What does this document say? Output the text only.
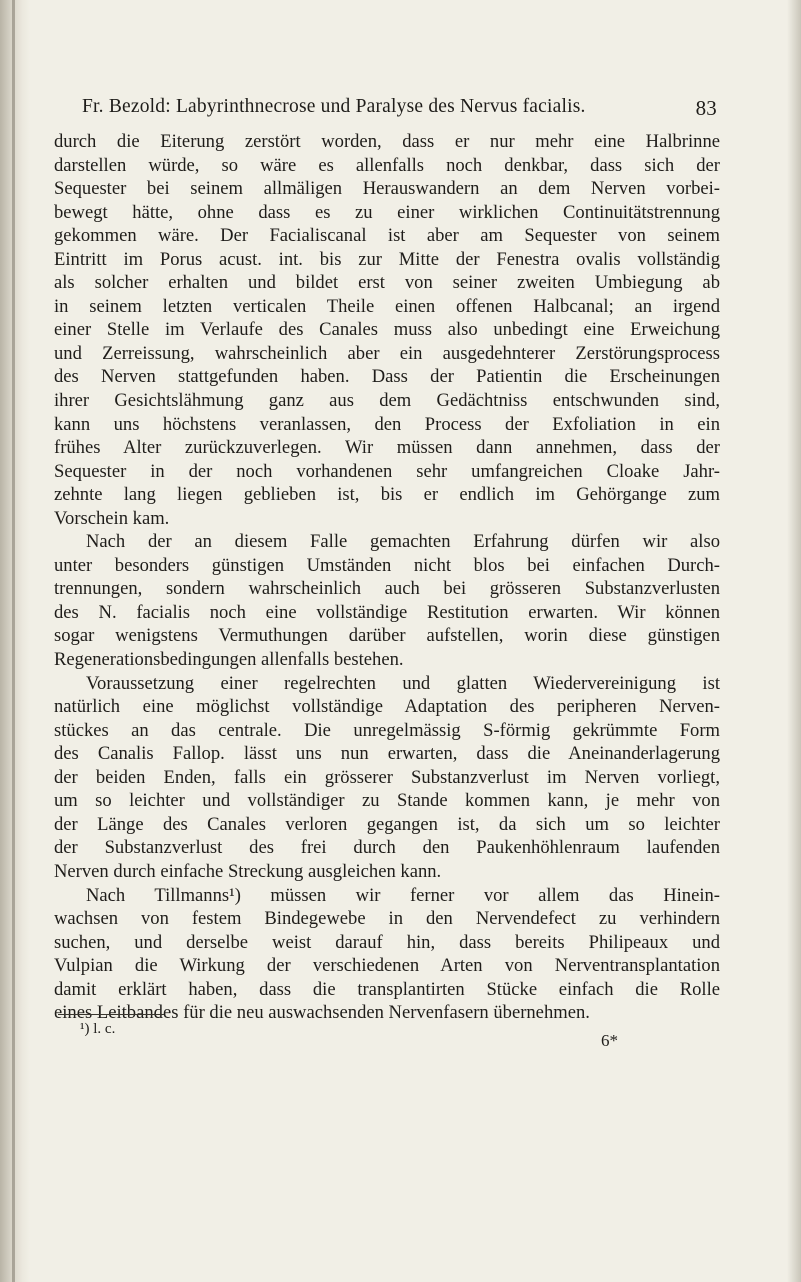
Fr. Bezold: Labyrinthnecrose und Paralyse des Nervus facialis.	83
durch die Eiterung zerstört worden, dass er nur mehr eine Halbrinne
darstellen würde, so wäre es allenfalls noch denkbar, dass sich der
Sequester bei seinem allmäligen Herauswandern an dem Nerven vorbei-
bewegt hätte, ohne dass es zu einer wirklichen Continuitätstrennung
gekommen wäre. Der Facialiscanal ist aber am Sequester von seinem
Eintritt im Porus acust. int. bis zur Mitte der Fenestra ovalis vollständig
als solcher erhalten und bildet erst von seiner zweiten Umbiegung ab
in seinem letzten verticalen Theile einen offenen Halbcanal; an irgend
einer Stelle im Verlaufe des Canales muss also unbedingt eine Erweichung
und Zerreissung, wahrscheinlich aber ein ausgedehnterer Zerstörungsprocess
des Nerven stattgefunden haben. Dass der Patientin die Erscheinungen
ihrer Gesichtslähmung ganz aus dem Gedächtniss entschwunden sind,
kann uns höchstens veranlassen, den Process der Exfoliation in ein
frühes Alter zurückzuverlegen. Wir müssen dann annehmen, dass der
Sequester in der noch vorhandenen sehr umfangreichen Cloake Jahr-
zehnte lang liegen geblieben ist, bis er endlich im Gehörgange zum
Vorschein kam.
Nach der an diesem Falle gemachten Erfahrung dürfen wir also
unter besonders günstigen Umständen nicht blos bei einfachen Durch-
trennungen, sondern wahrscheinlich auch bei grösseren Substanzverlusten
des N. facialis noch eine vollständige Restitution erwarten. Wir können
sogar wenigstens Vermuthungen darüber aufstellen, worin diese günstigen
Regenerationsbedingungen allenfalls bestehen.
Voraussetzung einer regelrechten und glatten Wiedervereinigung ist
natürlich eine möglichst vollständige Adaptation des peripheren Nerven-
stückes an das centrale. Die unregelmässig S-förmig gekrümmte Form
des Canalis Fallop. lässt uns nun erwarten, dass die Aneinanderlagerung
der beiden Enden, falls ein grösserer Substanzverlust im Nerven vorliegt,
um so leichter und vollständiger zu Stande kommen kann, je mehr von
der Länge des Canales verloren gegangen ist, da sich um so leichter
der Substanzverlust des frei durch den Paukenhöhlenraum laufenden
Nerven durch einfache Streckung ausgleichen kann.
Nach Tillmanns¹) müssen wir ferner vor allem das Hinein-
wachsen von festem Bindegewebe in den Nervendefect zu verhindern
suchen, und derselbe weist darauf hin, dass bereits Philipeaux und
Vulpian die Wirkung der verschiedenen Arten von Nerventransplantation
damit erklärt haben, dass die transplantirten Stücke einfach die Rolle
eines Leitbandes für die neu auswachsenden Nervenfasern übernehmen.
¹) l. c.
6*
